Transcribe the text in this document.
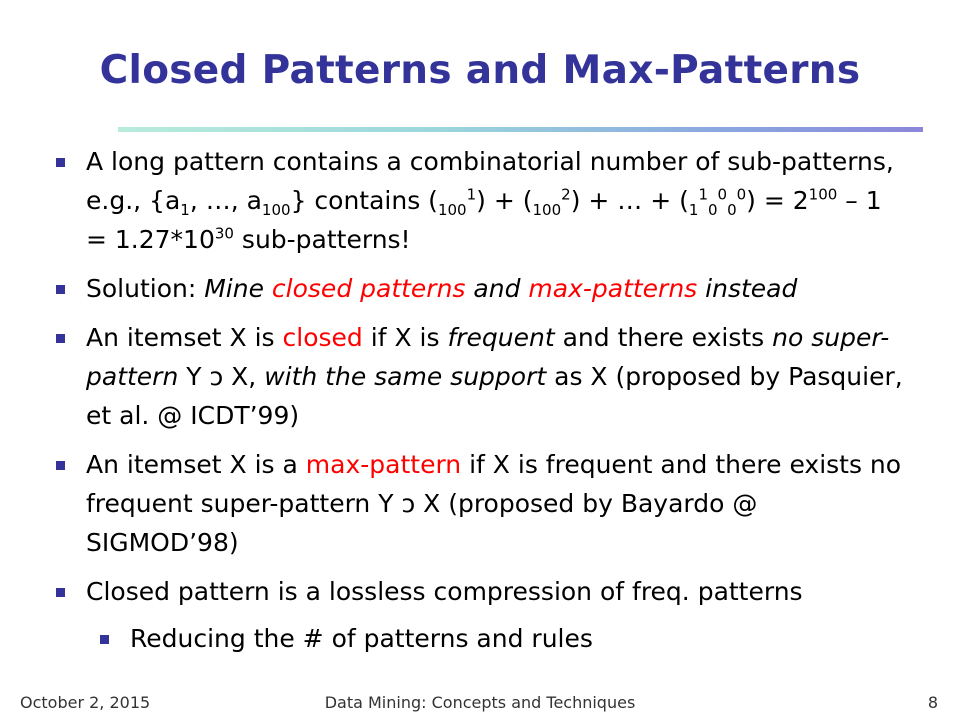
Closed Patterns and Max-Patterns
A long pattern contains a combinatorial number of sub-patterns, e.g., {$a_1$, …, $a_{100}$} contains $(_{100}^1) + (_{100}^2)$ + … + $(_1^1_0^0_0^0) = 2^{100} - 1 = 1.27*10^{30}$ sub-patterns!
Solution: Mine closed patterns and max-patterns instead
An itemset X is closed if X is frequent and there exists no super-pattern Y ͻ X, with the same support as X (proposed by Pasquier, et al. @ ICDT’99)
An itemset X is a max-pattern if X is frequent and there exists no frequent super-pattern Y ͻ X (proposed by Bayardo @ SIGMOD’98)
Closed pattern is a lossless compression of freq. patterns
Reducing the # of patterns and rules
October 2, 2015	Data Mining: Concepts and Techniques	8
